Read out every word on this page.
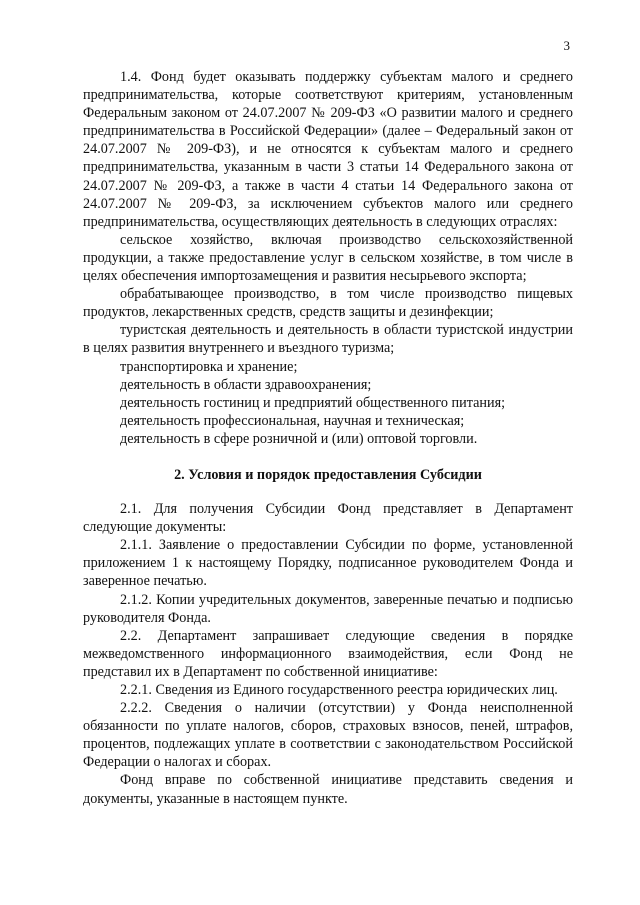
3

1.4. Фонд будет оказывать поддержку субъектам малого и среднего предпринимательства, которые соответствуют критериям, установленным Федеральным законом от 24.07.2007 № 209-ФЗ «О развитии малого и среднего предпринимательства в Российской Федерации» (далее – Федеральный закон от 24.07.2007 № 209-ФЗ), и не относятся к субъектам малого и среднего предпринимательства, указанным в части 3 статьи 14 Федерального закона от 24.07.2007 № 209-ФЗ, а также в части 4 статьи 14 Федерального закона от 24.07.2007 № 209-ФЗ, за исключением субъектов малого или среднего предпринимательства, осуществляющих деятельность в следующих отраслях:

сельское хозяйство, включая производство сельскохозяйственной продукции, а также предоставление услуг в сельском хозяйстве, в том числе в целях обеспечения импортозамещения и развития несырьевого экспорта;

обрабатывающее производство, в том числе производство пищевых продуктов, лекарственных средств, средств защиты и дезинфекции;

туристская деятельность и деятельность в области туристской индустрии в целях развития внутреннего и въездного туризма;

транспортировка и хранение;

деятельность в области здравоохранения;

деятельность гостиниц и предприятий общественного питания;

деятельность профессиональная, научная и техническая;

деятельность в сфере розничной и (или) оптовой торговли.

2. Условия и порядок предоставления Субсидии

2.1. Для получения Субсидии Фонд представляет в Департамент следующие документы:

2.1.1. Заявление о предоставлении Субсидии по форме, установленной приложением 1 к настоящему Порядку, подписанное руководителем Фонда и заверенное печатью.

2.1.2. Копии учредительных документов, заверенные печатью и подписью руководителя Фонда.

2.2. Департамент запрашивает следующие сведения в порядке межведомственного информационного взаимодействия, если Фонд не представил их в Департамент по собственной инициативе:

2.2.1. Сведения из Единого государственного реестра юридических лиц.

2.2.2. Сведения о наличии (отсутствии) у Фонда неисполненной обязанности по уплате налогов, сборов, страховых взносов, пеней, штрафов, процентов, подлежащих уплате в соответствии с законодательством Российской Федерации о налогах и сборах.

Фонд вправе по собственной инициативе представить сведения и документы, указанные в настоящем пункте.
